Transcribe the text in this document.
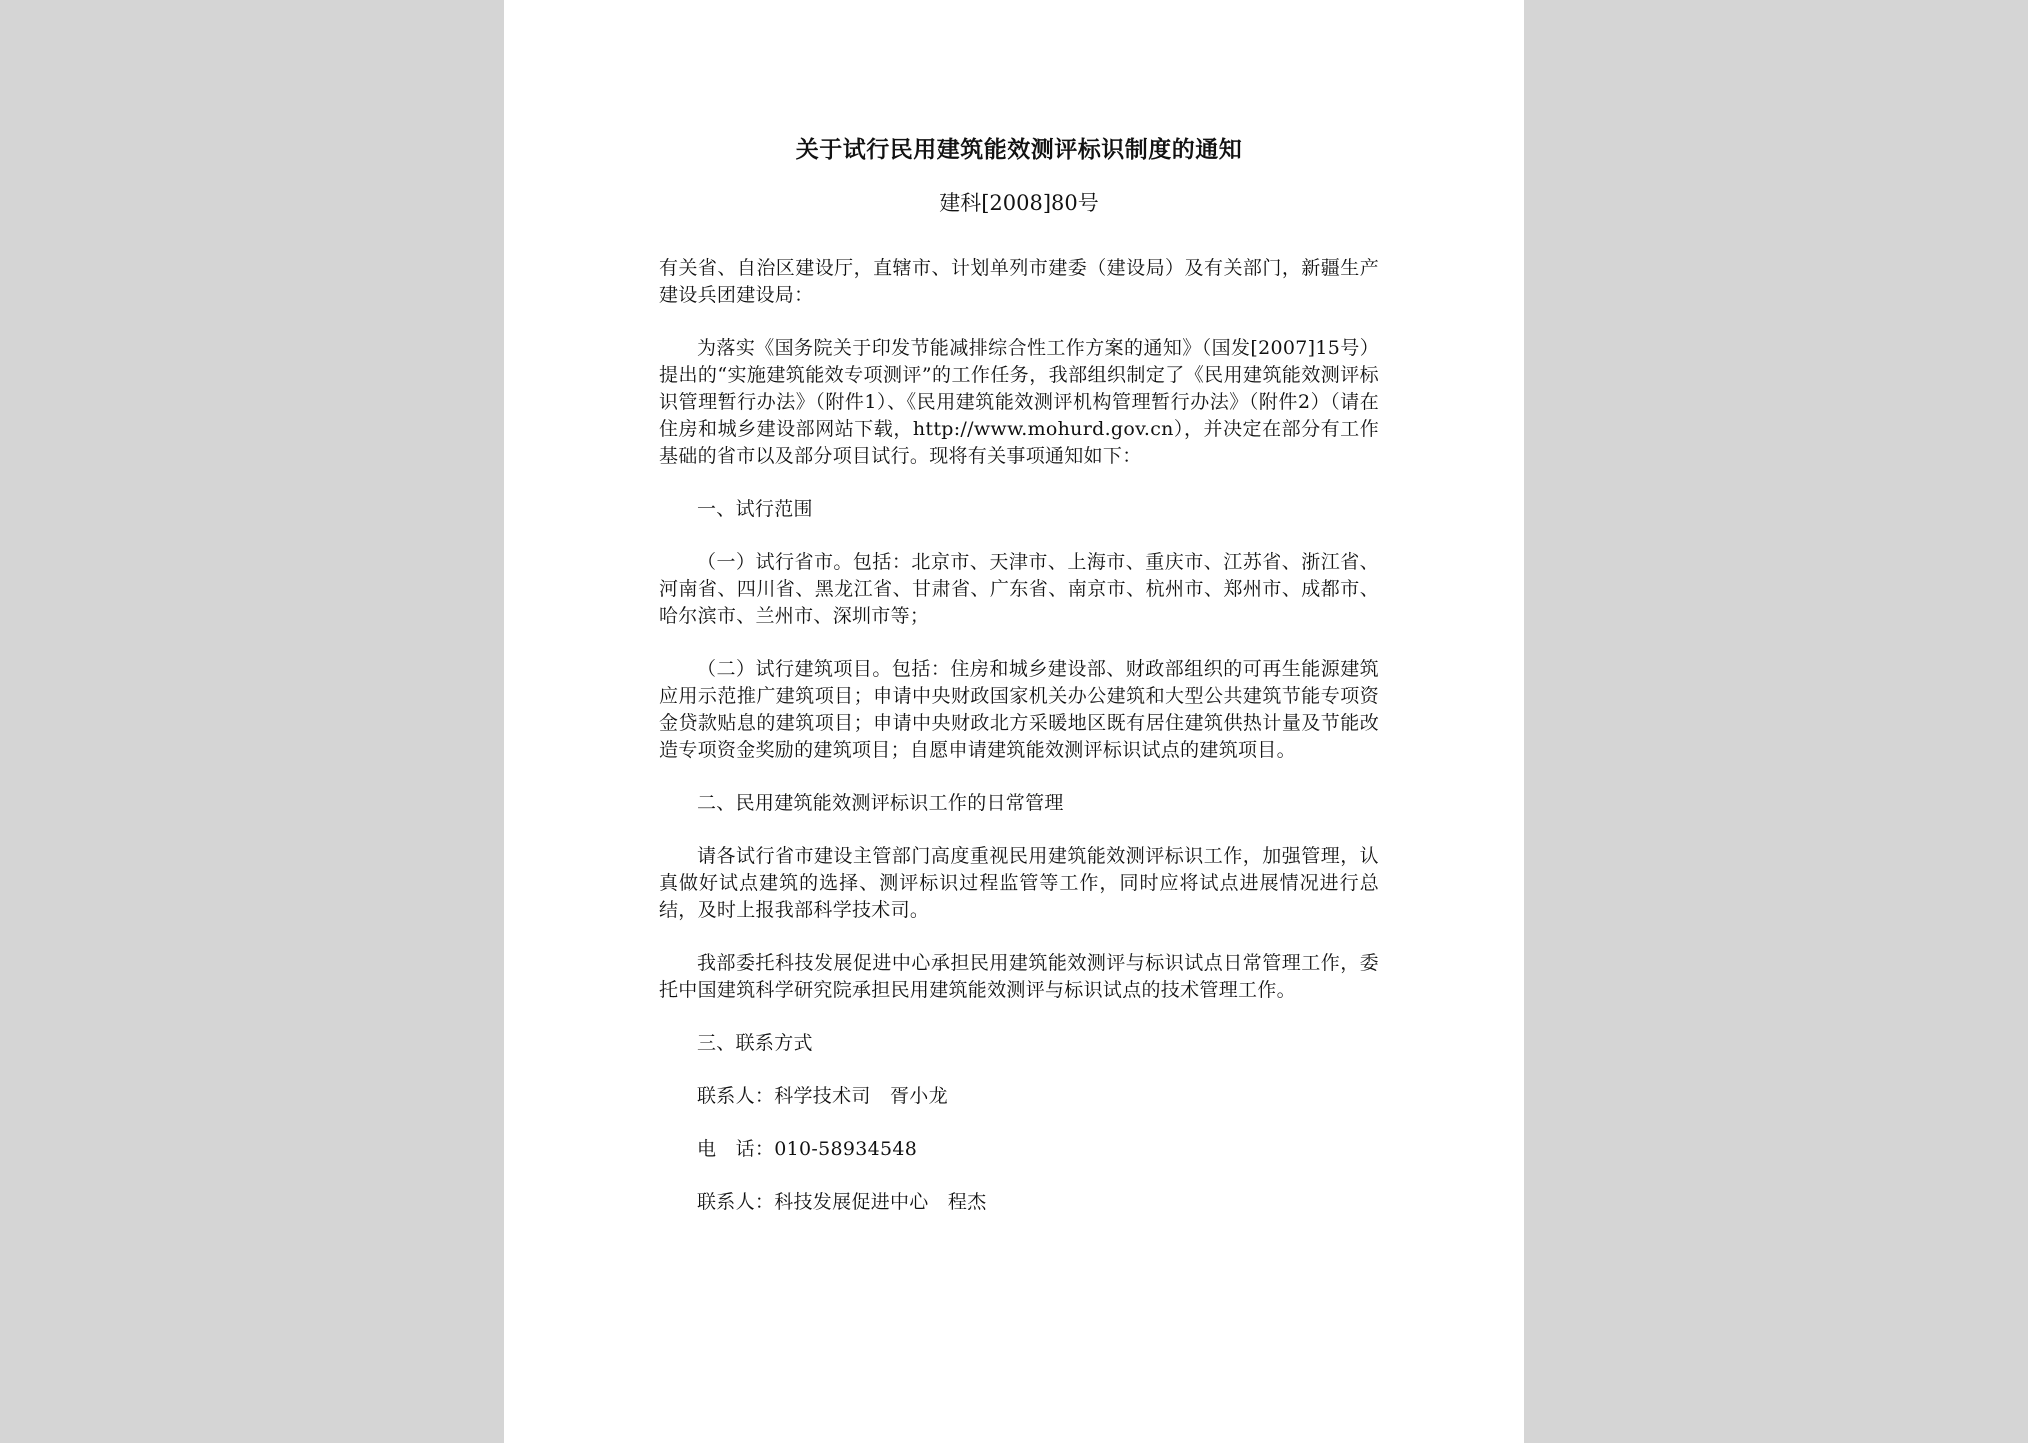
关于试行民用建筑能效测评标识制度的通知
建科[2008]80号

有关省、自治区建设厅，直辖市、计划单列市建委（建设局）及有关部门，新疆生产建设兵团建设局：

为落实《国务院关于印发节能减排综合性工作方案的通知》（国发[2007]15号）提出的“实施建筑能效专项测评”的工作任务，我部组织制定了《民用建筑能效测评标识管理暂行办法》（附件1）、《民用建筑能效测评机构管理暂行办法》（附件2）（请在住房和城乡建设部网站下载，http://www.mohurd.gov.cn），并决定在部分有工作基础的省市以及部分项目试行。现将有关事项通知如下：

一、试行范围

（一）试行省市。包括：北京市、天津市、上海市、重庆市、江苏省、浙江省、河南省、四川省、黑龙江省、甘肃省、广东省、南京市、杭州市、郑州市、成都市、哈尔滨市、兰州市、深圳市等；

（二）试行建筑项目。包括：住房和城乡建设部、财政部组织的可再生能源建筑应用示范推广建筑项目；申请中央财政国家机关办公建筑和大型公共建筑节能专项资金贷款贴息的建筑项目；申请中央财政北方采暖地区既有居住建筑供热计量及节能改造专项资金奖励的建筑项目；自愿申请建筑能效测评标识试点的建筑项目。

二、民用建筑能效测评标识工作的日常管理

请各试行省市建设主管部门高度重视民用建筑能效测评标识工作，加强管理，认真做好试点建筑的选择、测评标识过程监管等工作，同时应将试点进展情况进行总结，及时上报我部科学技术司。

我部委托科技发展促进中心承担民用建筑能效测评与标识试点日常管理工作，委托中国建筑科学研究院承担民用建筑能效测评与标识试点的技术管理工作。

三、联系方式

联系人：科学技术司　胥小龙

电　话：010-58934548

联系人：科技发展促进中心　程杰
